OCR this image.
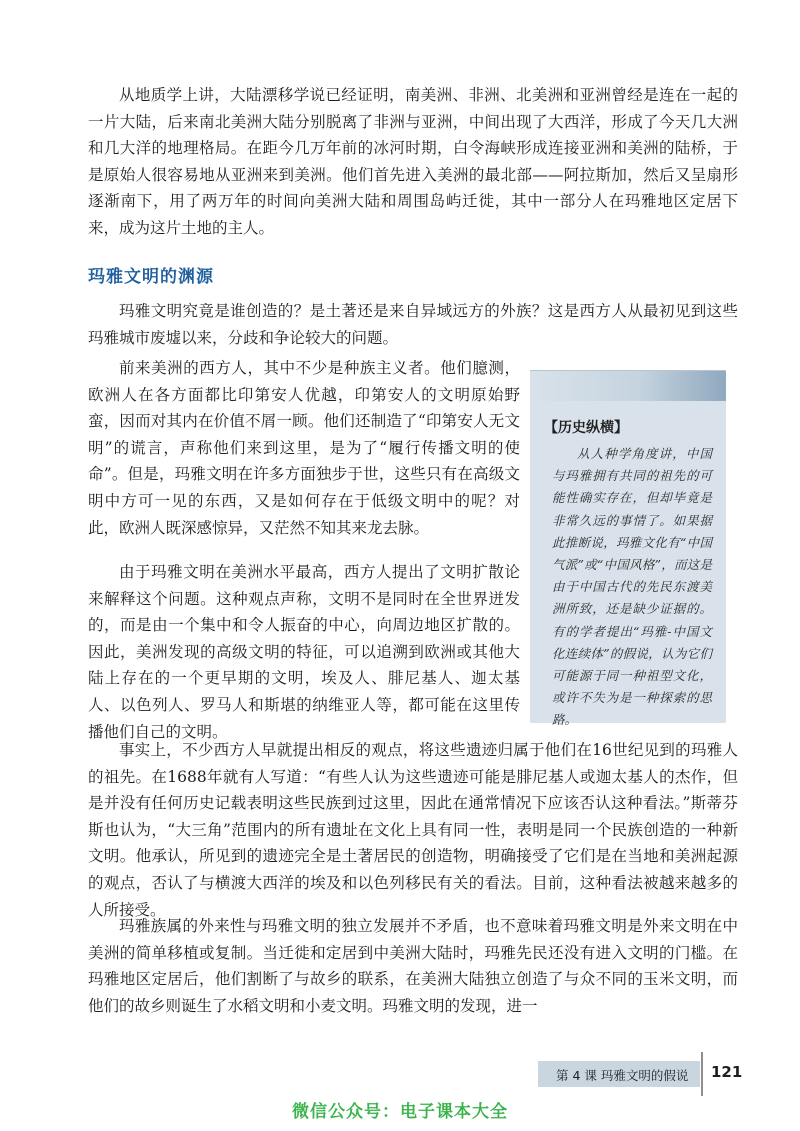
从地质学上讲，大陆漂移学说已经证明，南美洲、非洲、北美洲和亚洲曾经是连在一起的一片大陆，后来南北美洲大陆分别脱离了非洲与亚洲，中间出现了大西洋，形成了今天几大洲和几大洋的地理格局。在距今几万年前的冰河时期，白令海峡形成连接亚洲和美洲的陆桥，于是原始人很容易地从亚洲来到美洲。他们首先进入美洲的最北部——阿拉斯加，然后又呈扇形逐渐南下，用了两万年的时间向美洲大陆和周围岛屿迁徙，其中一部分人在玛雅地区定居下来，成为这片土地的主人。

玛雅文明的渊源

玛雅文明究竟是谁创造的？是土著还是来自异域远方的外族？这是西方人从最初见到这些玛雅城市废墟以来，分歧和争论较大的问题。

前来美洲的西方人，其中不少是种族主义者。他们臆测，欧洲人在各方面都比印第安人优越，印第安人的文明原始野蛮，因而对其内在价值不屑一顾。他们还制造了“印第安人无文明”的谎言，声称他们来到这里，是为了“履行传播文明的使命”。但是，玛雅文明在许多方面独步于世，这些只有在高级文明中方可一见的东西，又是如何存在于低级文明中的呢？对此，欧洲人既深感惊异，又茫然不知其来龙去脉。

由于玛雅文明在美洲水平最高，西方人提出了文明扩散论来解释这个问题。这种观点声称，文明不是同时在全世界迸发的，而是由一个集中和令人振奋的中心，向周边地区扩散的。因此，美洲发现的高级文明的特征，可以追溯到欧洲或其他大陆上存在的一个更早期的文明，埃及人、腓尼基人、迦太基人、以色列人、罗马人和斯堪的纳维亚人等，都可能在这里传播他们自己的文明。

事实上，不少西方人早就提出相反的观点，将这些遗迹归属于他们在16世纪见到的玛雅人的祖先。在1688年就有人写道：“有些人认为这些遗迹可能是腓尼基人或迦太基人的杰作，但是并没有任何历史记载表明这些民族到过这里，因此在通常情况下应该否认这种看法。”斯蒂芬斯也认为，“大三角”范围内的所有遗址在文化上具有同一性，表明是同一个民族创造的一种新文明。他承认，所见到的遗迹完全是土著居民的创造物，明确接受了它们是在当地和美洲起源的观点，否认了与横渡大西洋的埃及和以色列移民有关的看法。目前，这种看法被越来越多的人所接受。

玛雅族属的外来性与玛雅文明的独立发展并不矛盾，也不意味着玛雅文明是外来文明在中美洲的简单移植或复制。当迁徙和定居到中美洲大陆时，玛雅先民还没有进入文明的门槛。在玛雅地区定居后，他们割断了与故乡的联系，在美洲大陆独立创造了与众不同的玉米文明，而他们的故乡则诞生了水稻文明和小麦文明。玛雅文明的发现，进一

【历史纵横】

从人种学角度讲，中国与玛雅拥有共同的祖先的可能性确实存在，但却毕竟是非常久远的事情了。如果据此推断说，玛雅文化有“中国气派”或“中国风格”，而这是由于中国古代的先民东渡美洲所致，还是缺少证据的。有的学者提出“玛雅-中国文化连续体”的假说，认为它们可能源于同一种祖型文化，或许不失为是一种探索的思路。

第 4 课 玛雅文明的假说 121

微信公众号：电子课本大全
